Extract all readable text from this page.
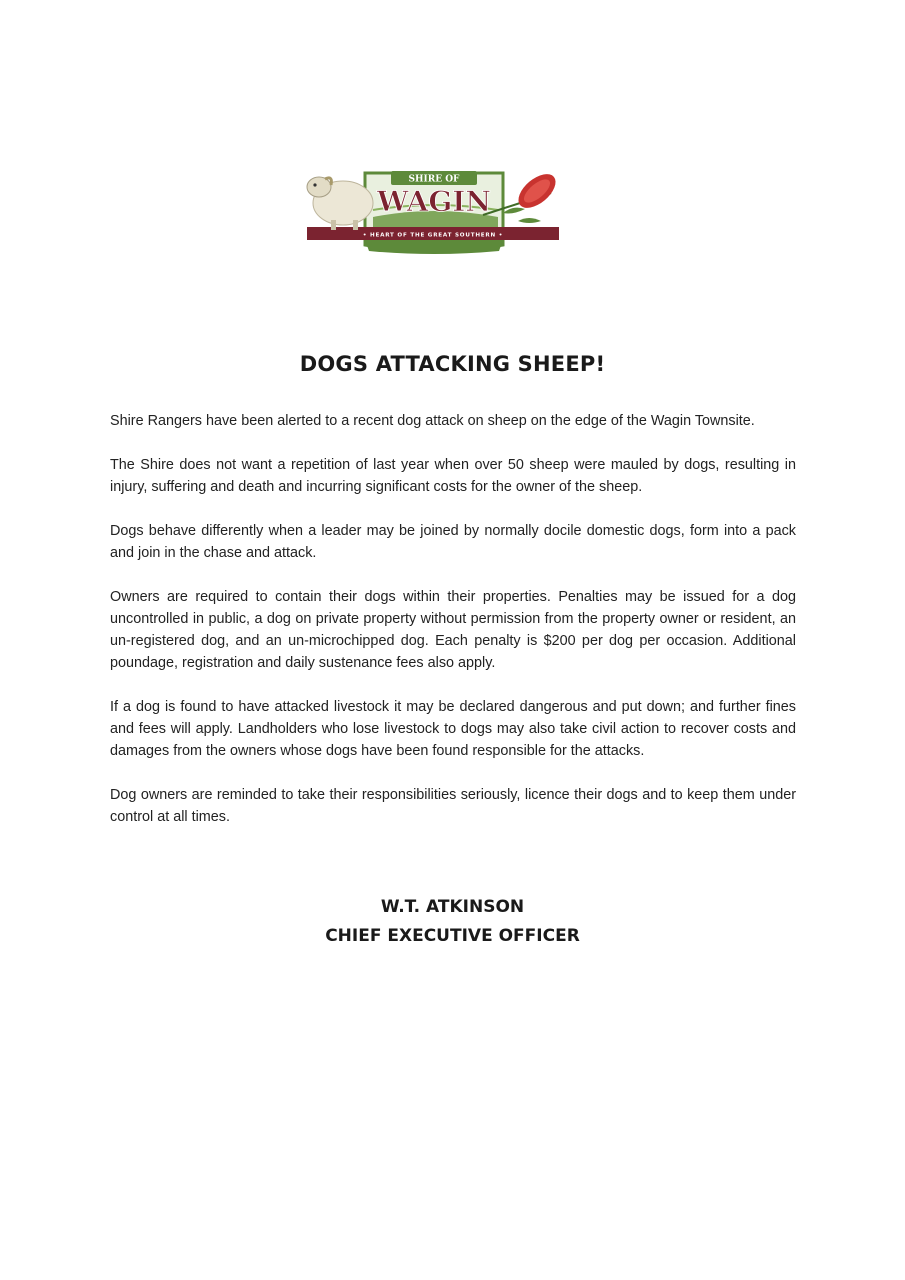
SHIRE OF
WAGIN
• HEART OF THE GREAT SOUTHERN •
DOGS ATTACKING SHEEP!

Shire Rangers have been alerted to a recent dog attack on sheep on the edge of the Wagin Townsite.

The Shire does not want a repetition of last year when over 50 sheep were mauled by dogs, resulting in injury, suffering and death and incurring significant costs for the owner of the sheep.

Dogs behave differently when a leader may be joined by normally docile domestic dogs, form into a pack and join in the chase and attack.

Owners are required to contain their dogs within their properties. Penalties may be issued for a dog uncontrolled in public, a dog on private property without permission from the property owner or resident, an un-registered dog, and an un-microchipped dog. Each penalty is $200 per dog per occasion. Additional poundage, registration and daily sustenance fees also apply.

If a dog is found to have attacked livestock it may be declared dangerous and put down; and further fines and fees will apply. Landholders who lose livestock to dogs may also take civil action to recover costs and damages from the owners whose dogs have been found responsible for the attacks.

Dog owners are reminded to take their responsibilities seriously, licence their dogs and to keep them under control at all times.

W.T. ATKINSON
CHIEF EXECUTIVE OFFICER
